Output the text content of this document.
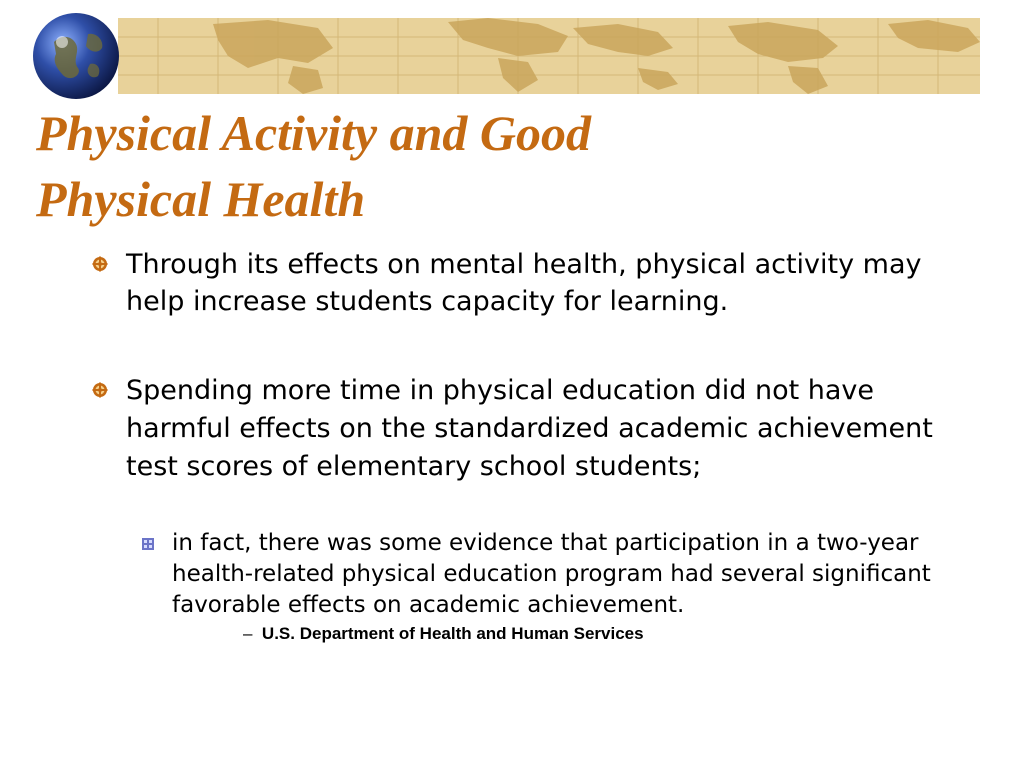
Physical Activity and Good
Physical Health
Through its effects on mental health, physical activity may help increase students capacity for learning.
Spending more time in physical education did not have harmful effects on the standardized academic achievement test scores of elementary school students;
in fact, there was some evidence that participation in a two-year health-related physical education program had several significant favorable effects on academic achievement.
– U.S. Department of Health and Human Services
